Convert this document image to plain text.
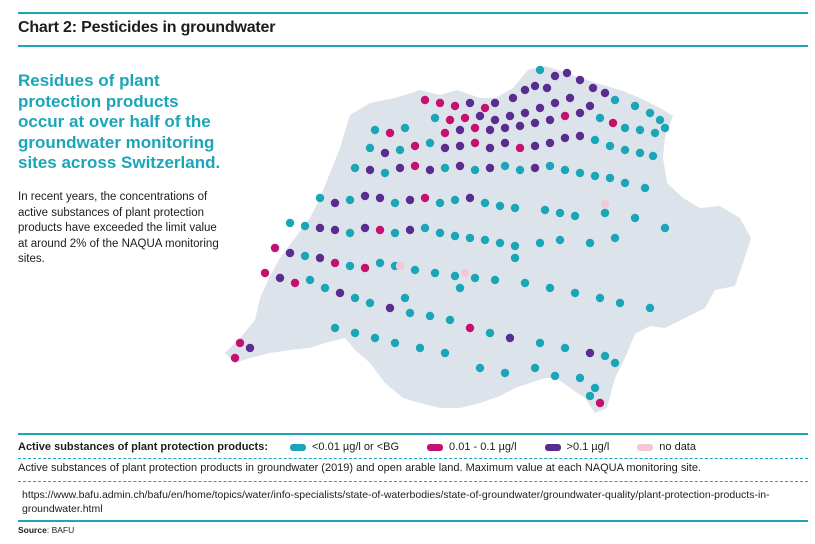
Chart 2: Pesticides in groundwater
Residues of plant protection products occur at over half of the groundwater monitoring sites across Switzerland.
In recent years, the concentrations of active substances of plant protection products have exceeded the limit value at around 2% of the NAQUA monitoring sites.
Active substances of plant protection products:	<0.01 µg/l or <BG	0.01 - 0.1 µg/l	>0.1 µg/l	no data
Active substances of plant protection products in groundwater (2019) and open arable land. Maximum value at each NAQUA monitoring site.
https://www.bafu.admin.ch/bafu/en/home/topics/water/info-specialists/state-of-waterbodies/state-of-groundwater/groundwater-quality/plant-protection-products-in-groundwater.html
Source: BAFU
